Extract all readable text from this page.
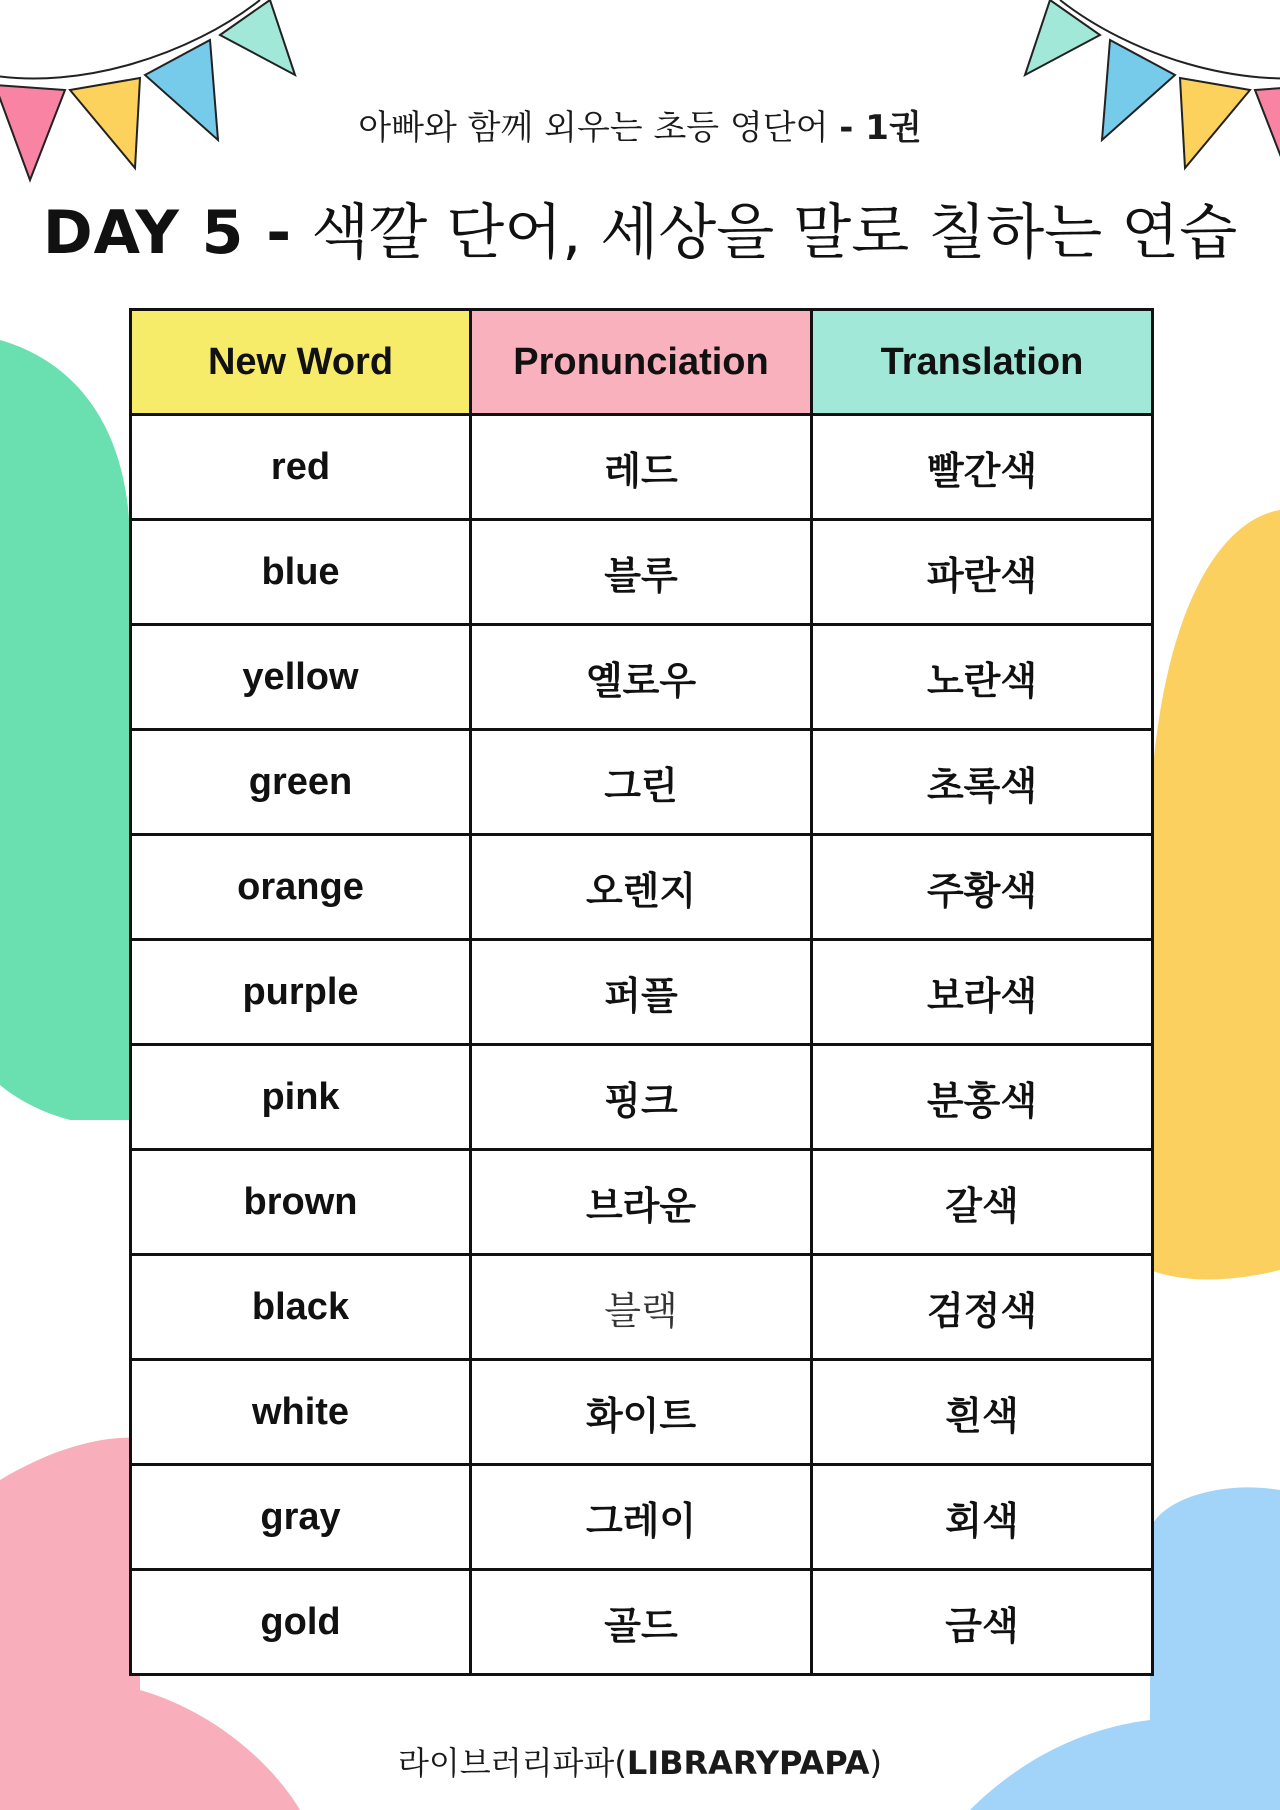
아빠와 함께 외우는 초등 영단어 - 1권
DAY 5 - 색깔 단어, 세상을 말로 칠하는 연습
New Word	Pronunciation	Translation
red	레드	빨간색
blue	블루	파란색
yellow	옐로우	노란색
green	그린	초록색
orange	오렌지	주황색
purple	퍼플	보라색
pink	핑크	분홍색
brown	브라운	갈색
black	블랙	검정색
white	화이트	흰색
gray	그레이	회색
gold	골드	금색
라이브러리파파(LIBRARYPAPA)
